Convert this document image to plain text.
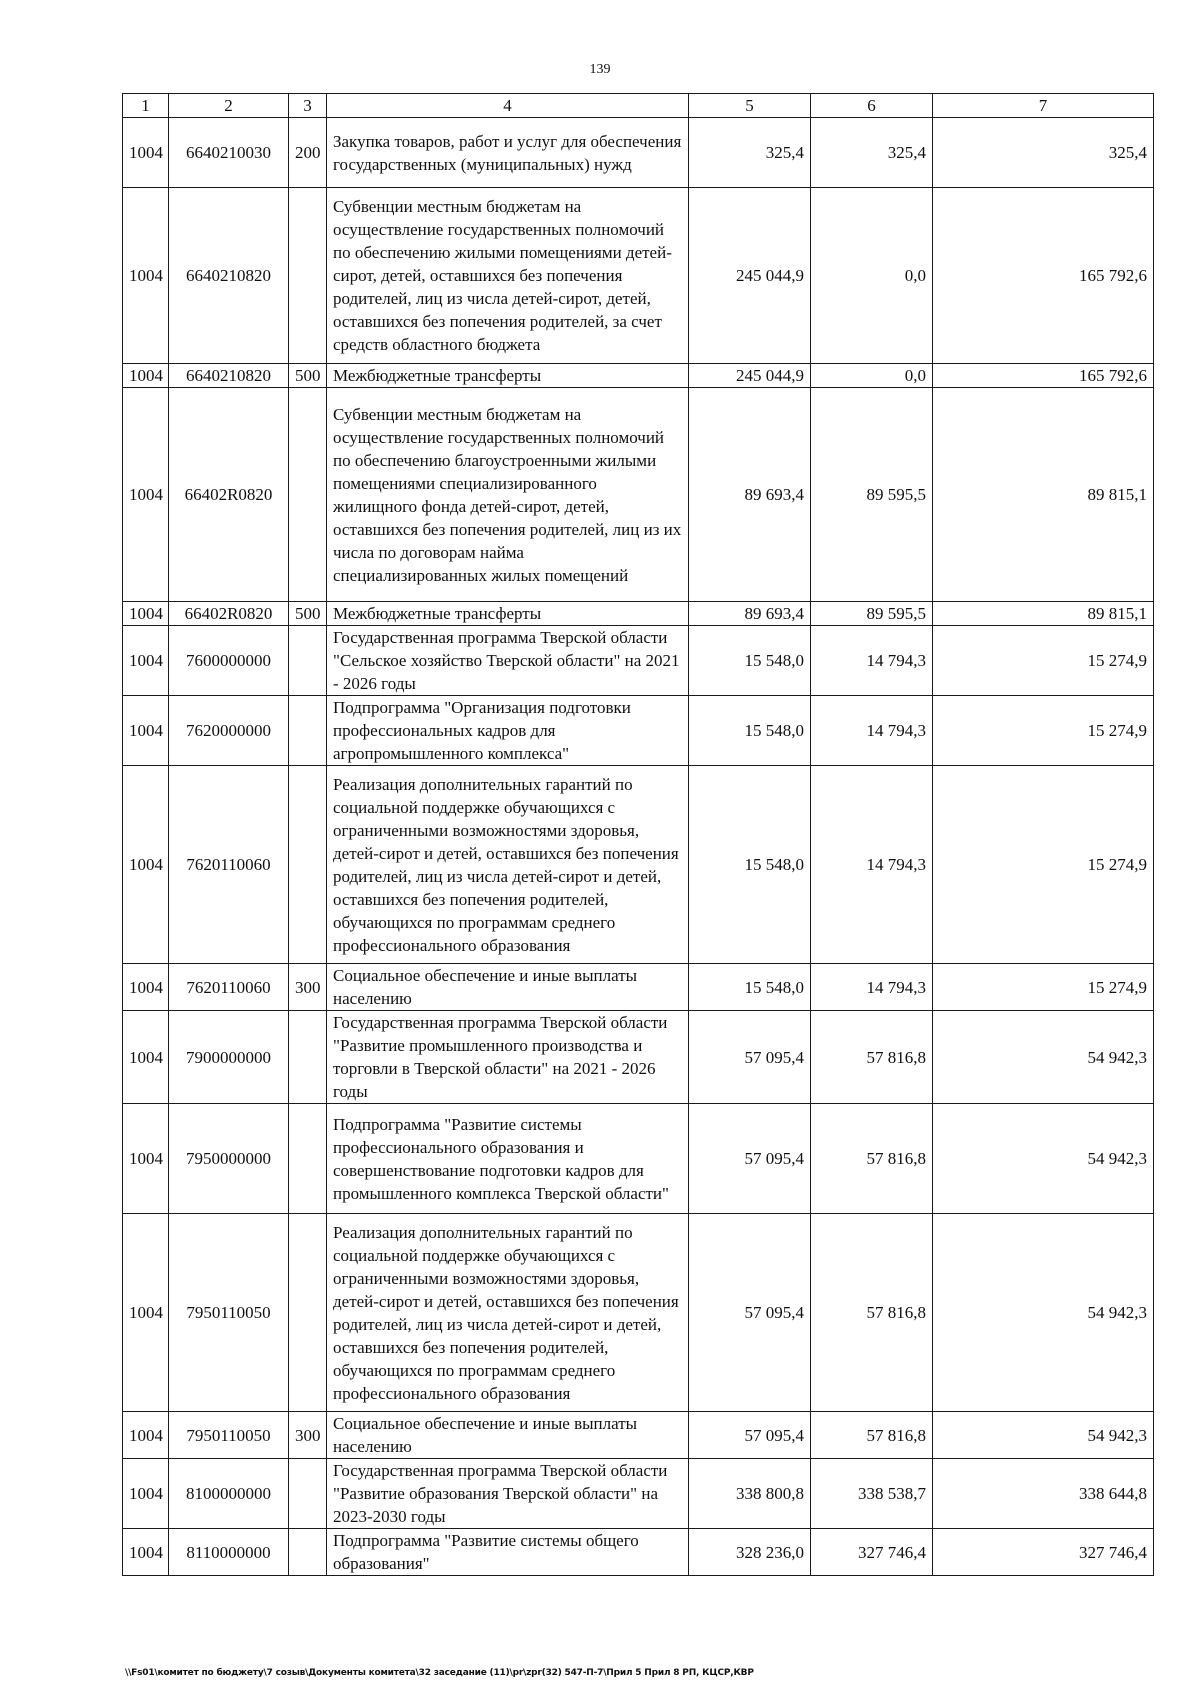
139
1	2	3	4	5	6	7
1004	6640210030	200	Закупка товаров, работ и услуг для обеспечения государственных (муниципальных) нужд	325,4	325,4	325,4
1004	6640210820		Субвенции местным бюджетам на осуществление государственных полномочий по обеспечению жилыми помещениями детей-сирот, детей, оставшихся без попечения родителей, лиц из числа детей-сирот, детей, оставшихся без попечения родителей, за счет средств областного бюджета	245 044,9	0,0	165 792,6
1004	6640210820	500	Межбюджетные трансферты	245 044,9	0,0	165 792,6
1004	66402R0820		Субвенции местным бюджетам на осуществление государственных полномочий по обеспечению благоустроенными жилыми помещениями специализированного жилищного фонда детей-сирот, детей, оставшихся без попечения родителей, лиц из их числа по договорам найма специализированных жилых помещений	89 693,4	89 595,5	89 815,1
1004	66402R0820	500	Межбюджетные трансферты	89 693,4	89 595,5	89 815,1
1004	7600000000		Государственная программа Тверской области "Сельское хозяйство Тверской области" на 2021 - 2026 годы	15 548,0	14 794,3	15 274,9
1004	7620000000		Подпрограмма "Организация подготовки профессиональных кадров для агропромышленного комплекса"	15 548,0	14 794,3	15 274,9
1004	7620110060		Реализация дополнительных гарантий по социальной поддержке обучающихся с ограниченными возможностями здоровья, детей-сирот и детей, оставшихся без попечения родителей, лиц из числа детей-сирот и детей, оставшихся без попечения родителей, обучающихся по программам среднего профессионального образования	15 548,0	14 794,3	15 274,9
1004	7620110060	300	Социальное обеспечение и иные выплаты населению	15 548,0	14 794,3	15 274,9
1004	7900000000		Государственная программа Тверской области "Развитие промышленного производства и торговли в Тверской области" на 2021 - 2026 годы	57 095,4	57 816,8	54 942,3
1004	7950000000		Подпрограмма "Развитие системы профессионального образования и совершенствование подготовки кадров для промышленного комплекса Тверской области"	57 095,4	57 816,8	54 942,3
1004	7950110050		Реализация дополнительных гарантий по социальной поддержке обучающихся с ограниченными возможностями здоровья, детей-сирот и детей, оставшихся без попечения родителей, лиц из числа детей-сирот и детей, оставшихся без попечения родителей, обучающихся по программам среднего профессионального образования	57 095,4	57 816,8	54 942,3
1004	7950110050	300	Социальное обеспечение и иные выплаты населению	57 095,4	57 816,8	54 942,3
1004	8100000000		Государственная программа Тверской области "Развитие образования Тверской области" на 2023-2030 годы	338 800,8	338 538,7	338 644,8
1004	8110000000		Подпрограмма "Развитие системы общего образования"	328 236,0	327 746,4	327 746,4
\\Fs01\комитет по бюджету\7 созыв\Документы комитета\32 заседание (11)\pr\zpr(32) 547-П-7\Прил 5 Прил 8 РП, КЦСР,КВР
